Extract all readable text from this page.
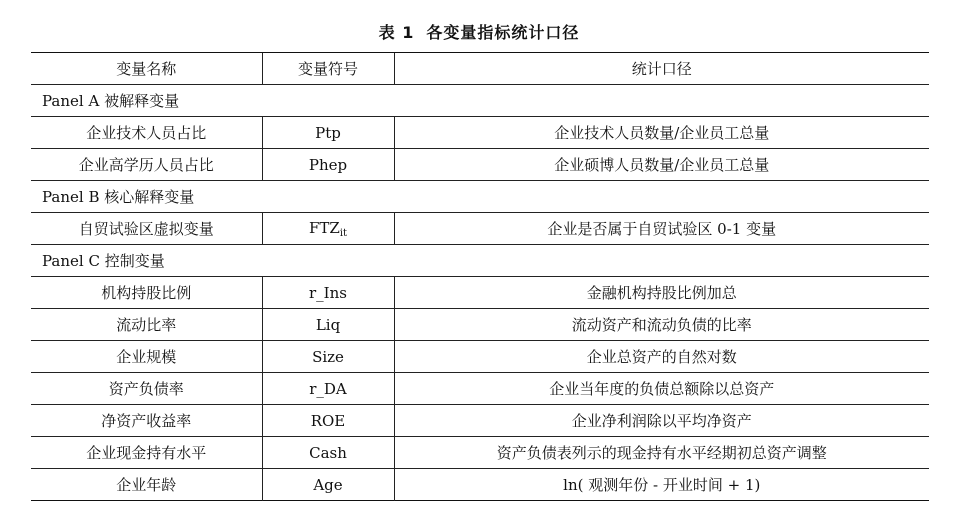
表 1 各变量指标统计口径
变量名称	变量符号	统计口径
Panel A 被解释变量		
企业技术人员占比	Ptp	企业技术人员数量/企业员工总量
企业高学历人员占比	Phep	企业硕博人员数量/企业员工总量
Panel B 核心解释变量		
自贸试验区虚拟变量	$FTZ_{it}$	企业是否属于自贸试验区 0-1 变量
Panel C 控制变量		
机构持股比例	r_Ins	金融机构持股比例加总
流动比率	Liq	流动资产和流动负债的比率
企业规模	Size	企业总资产的自然对数
资产负债率	r_DA	企业当年度的负债总额除以总资产
净资产收益率	ROE	企业净利润除以平均净资产
企业现金持有水平	Cash	资产负债表列示的现金持有水平经期初总资产调整
企业年龄	Age	ln( 观测年份 - 开业时间 + 1)
